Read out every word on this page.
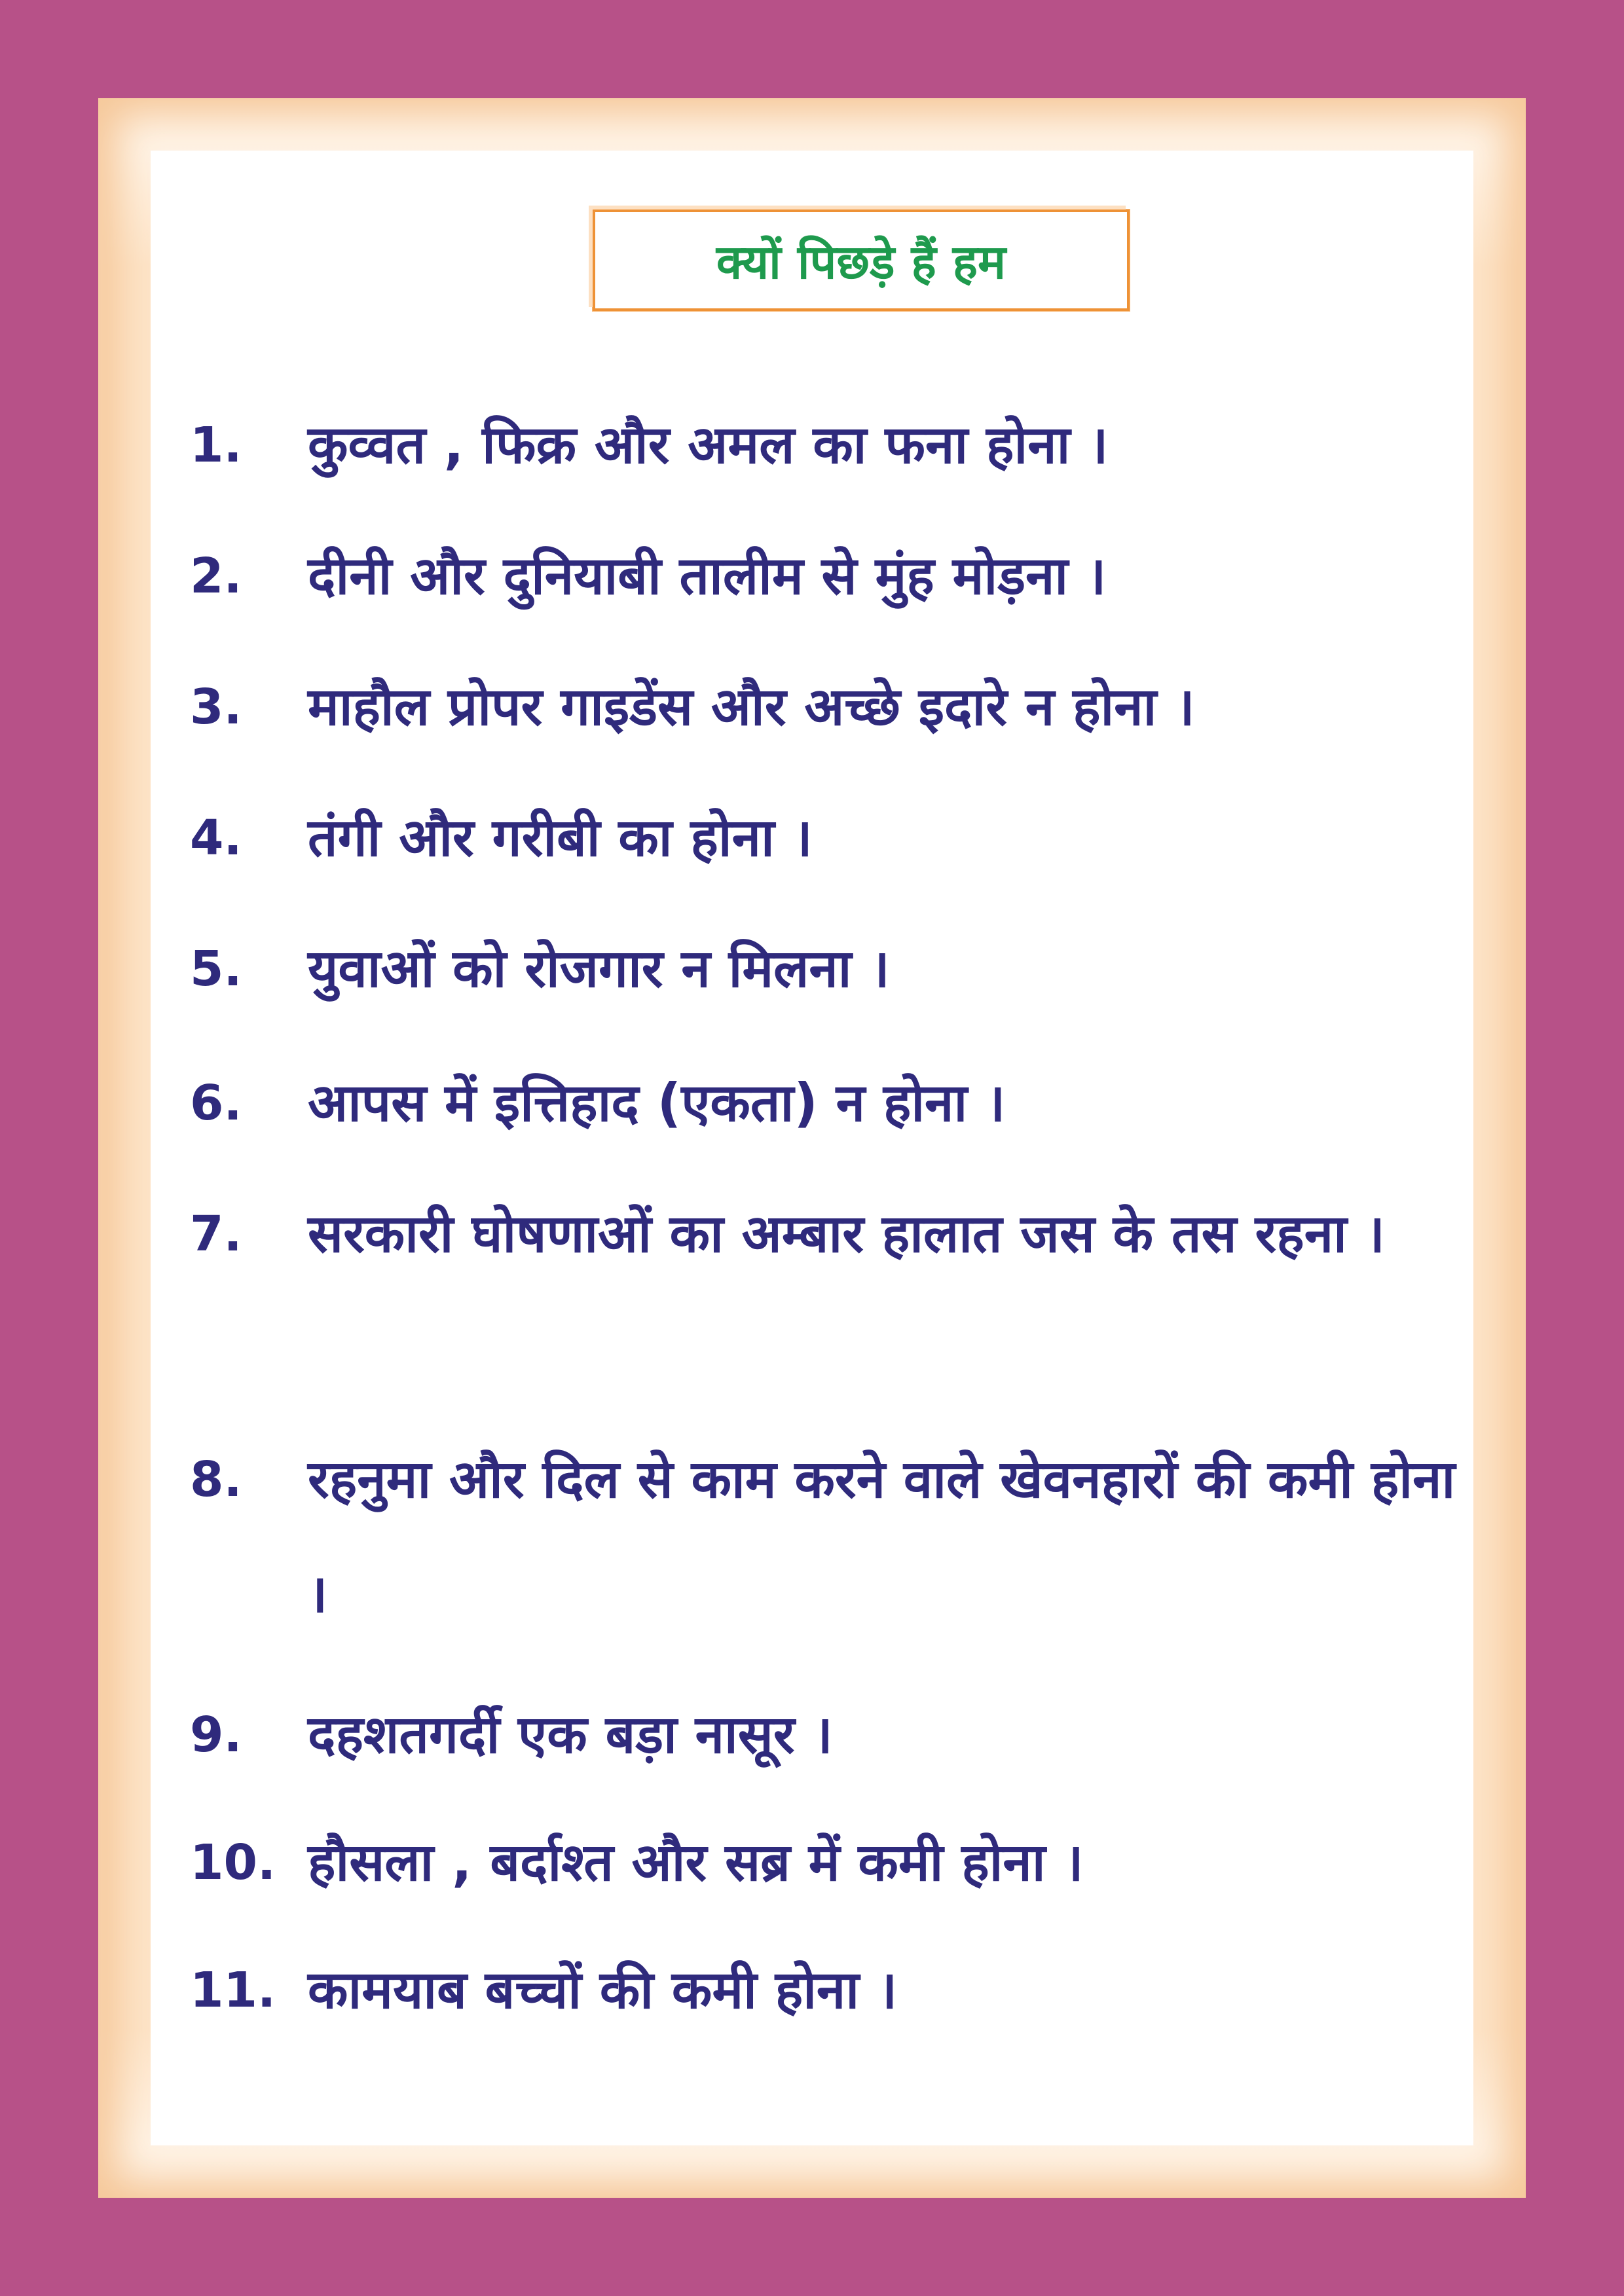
क्यों पिछड़े हैं हम
1.	कुव्वत , फिक्र और अमल का फना होना ।
2.	दीनी और दुनियाबी तालीम से मुंह मोड़ना ।
3.	माहौल प्रोपर गाइडेंस और अच्छे इदारे न होना ।
4.	तंगी और गरीबी का होना ।
5.	युवाओं को रोजगार न मिलना ।
6.	आपस में इत्तिहाद (एकता) न होना ।
7.	सरकारी घोषणाओं का अम्बार हालात जस के तस रहना ।
8.	रहनुमा और दिल से काम करने वाले खेवनहारों की कमी होना ।
9.	दहशतगर्दी एक बड़ा नासूर ।
10. हौसला , बर्दाश्त और सब्र में कमी होना ।
11. कामयाब बच्चों की कमी होना ।
